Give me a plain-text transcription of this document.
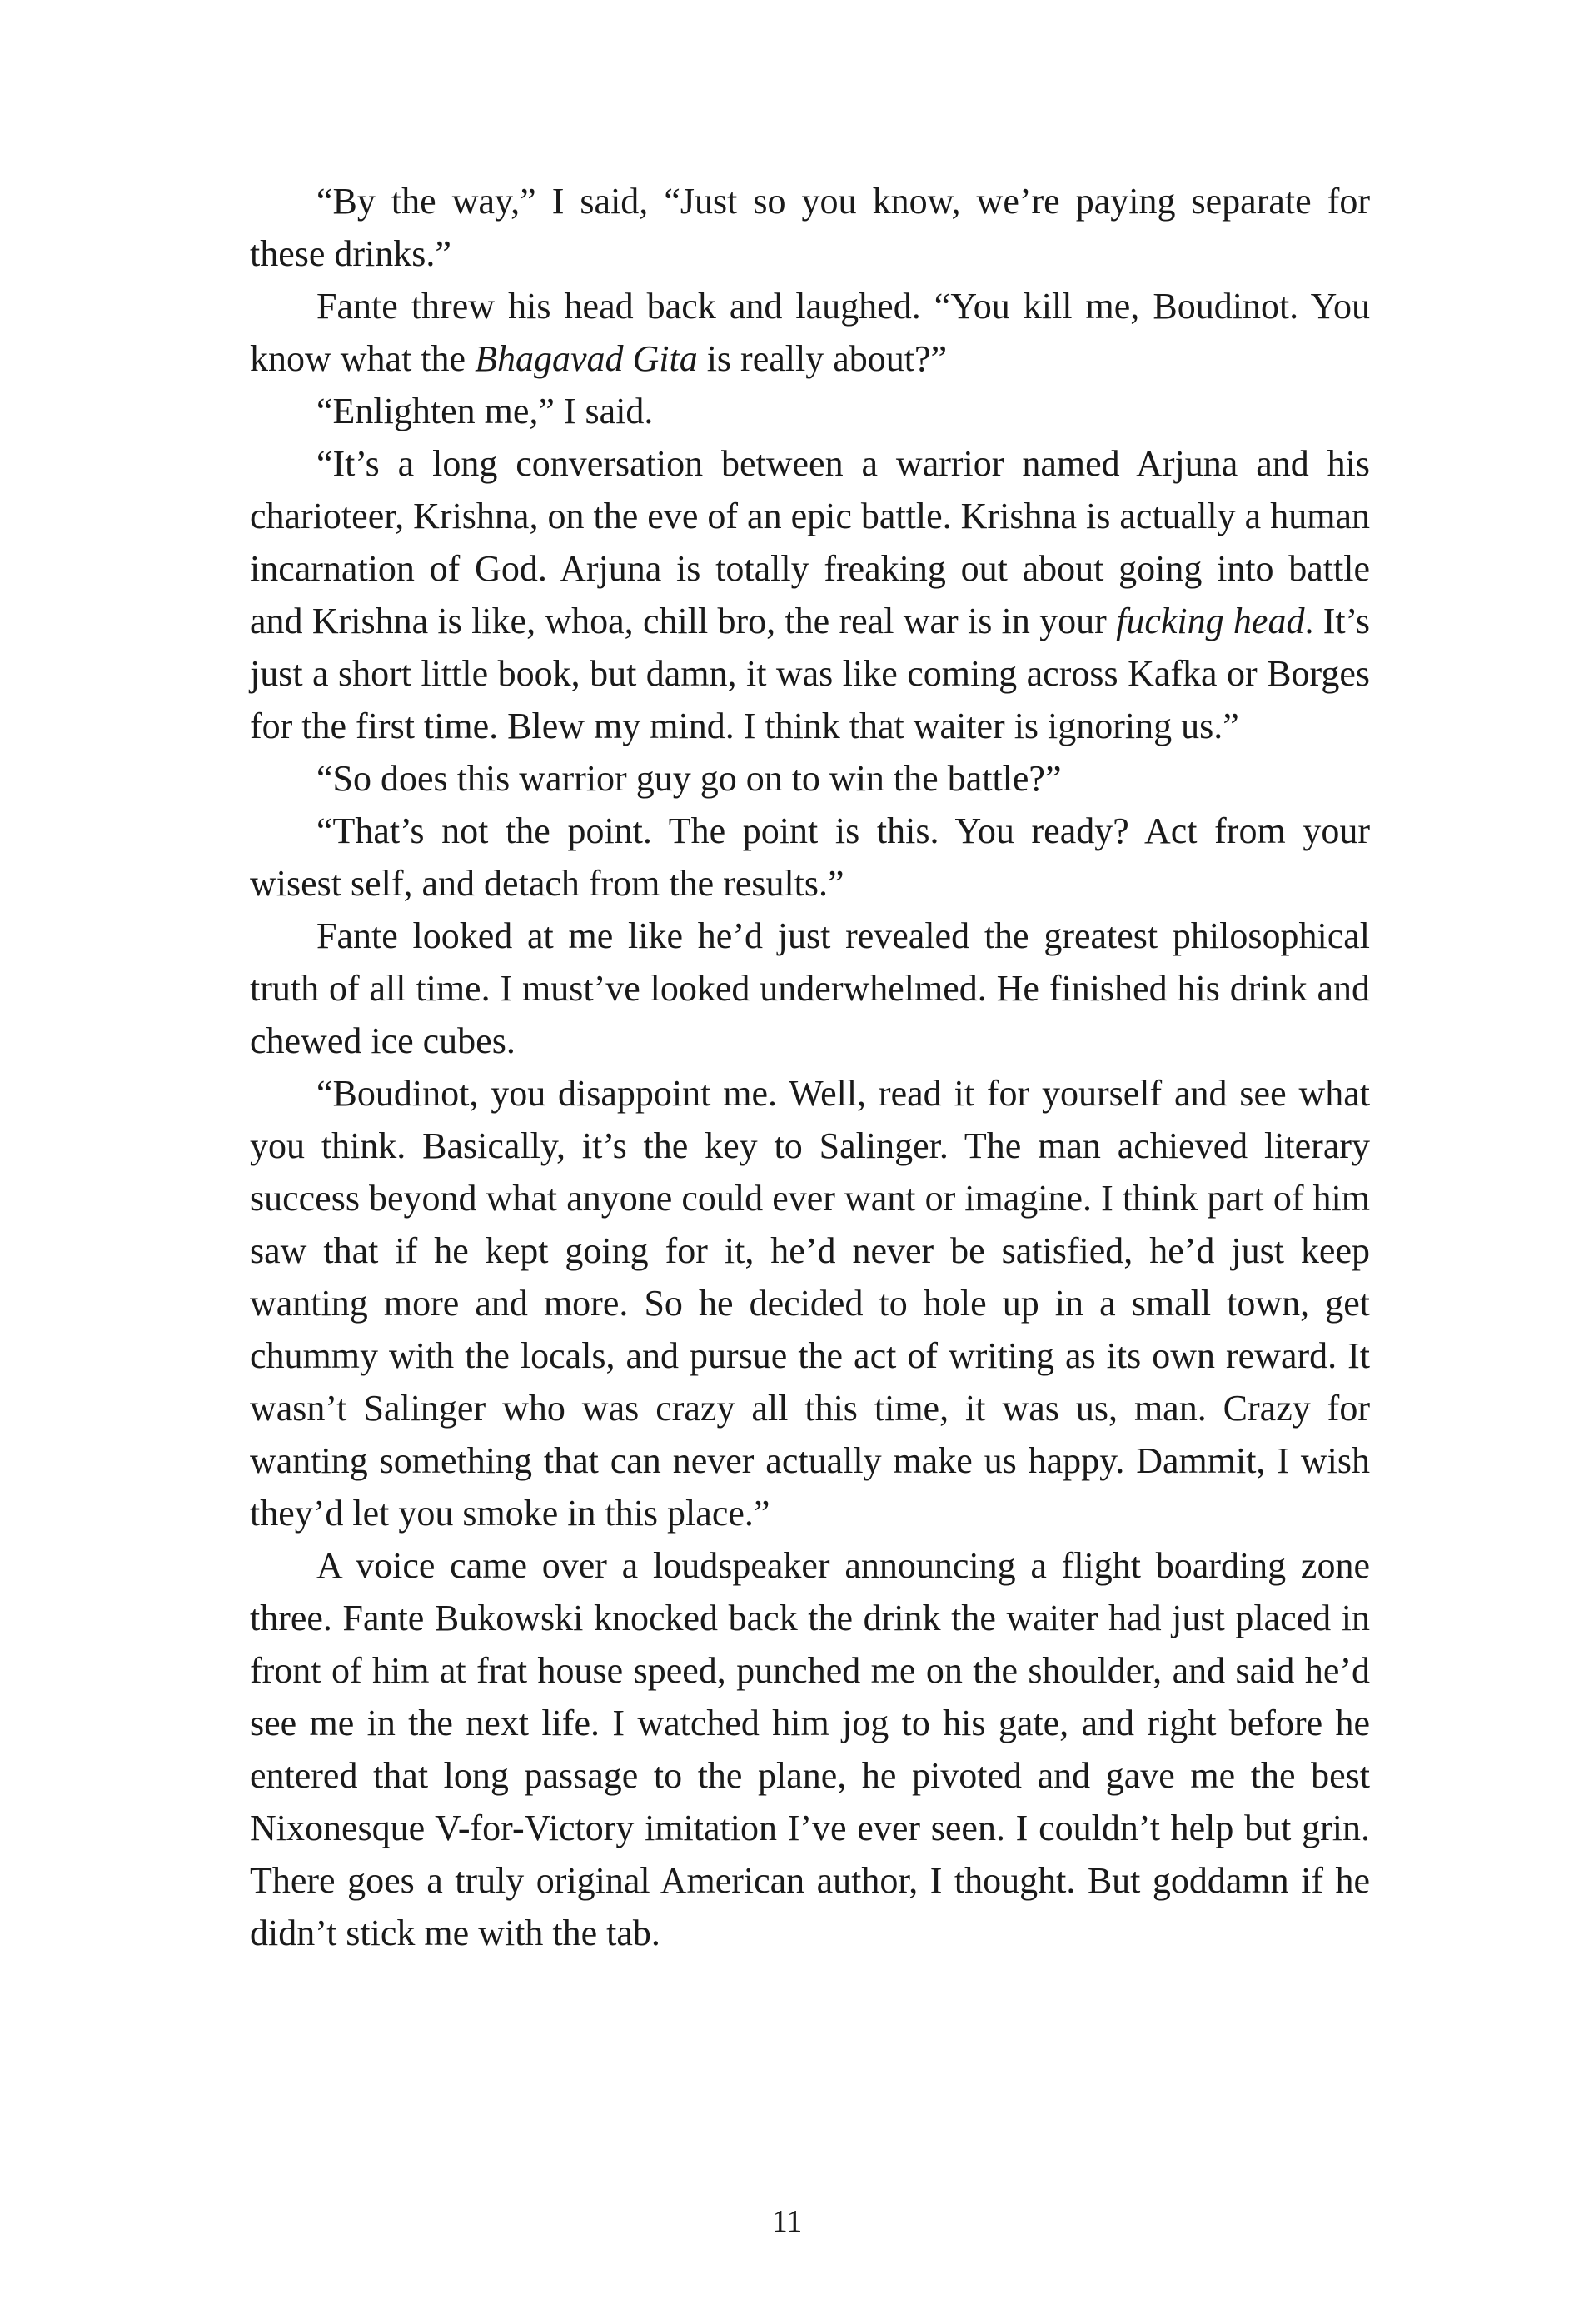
“By the way,” I said, “Just so you know, we’re paying separate for these drinks.”

Fante threw his head back and laughed. “You kill me, Boudinot. You know what the Bhagavad Gita is really about?”

“Enlighten me,” I said.

“It’s a long conversation between a warrior named Arjuna and his charioteer, Krishna, on the eve of an epic battle. Krishna is actually a human incarnation of God. Arjuna is totally freaking out about going into battle and Krishna is like, whoa, chill bro, the real war is in your fucking head. It’s just a short little book, but damn, it was like coming across Kafka or Borges for the first time. Blew my mind. I think that waiter is ignoring us.”

“So does this warrior guy go on to win the battle?”

“That’s not the point. The point is this. You ready? Act from your wisest self, and detach from the results.”

Fante looked at me like he’d just revealed the greatest philosophical truth of all time. I must’ve looked underwhelmed. He finished his drink and chewed ice cubes.

“Boudinot, you disappoint me. Well, read it for yourself and see what you think. Basically, it’s the key to Salinger. The man achieved literary success beyond what anyone could ever want or imagine. I think part of him saw that if he kept going for it, he’d never be satisfied, he’d just keep wanting more and more. So he decided to hole up in a small town, get chummy with the locals, and pursue the act of writing as its own reward. It wasn’t Salinger who was crazy all this time, it was us, man. Crazy for wanting something that can never actually make us happy. Dammit, I wish they’d let you smoke in this place.”

A voice came over a loudspeaker announcing a flight boarding zone three. Fante Bukowski knocked back the drink the waiter had just placed in front of him at frat house speed, punched me on the shoulder, and said he’d see me in the next life. I watched him jog to his gate, and right before he entered that long passage to the plane, he pivoted and gave me the best Nixonesque V-for-Victory imitation I’ve ever seen. I couldn’t help but grin. There goes a truly original American author, I thought. But goddamn if he didn’t stick me with the tab.

11
